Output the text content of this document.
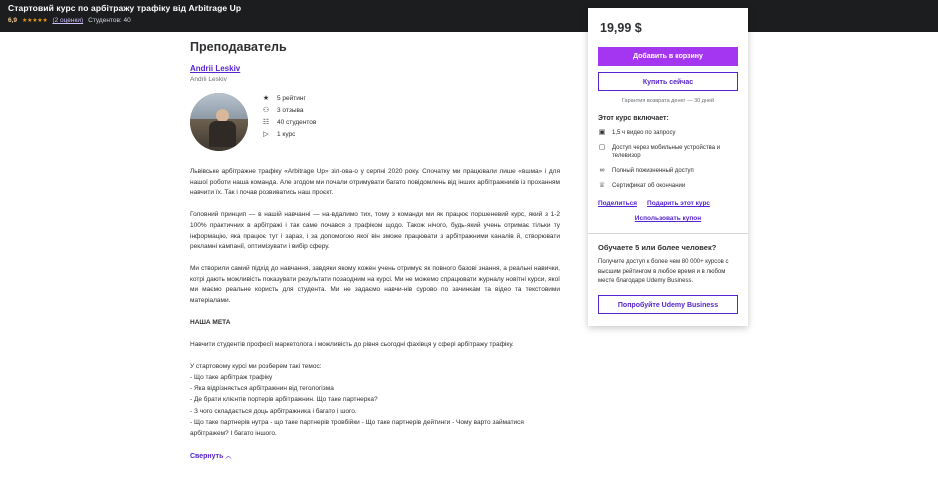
Стартовий курс по арбітражу трафіку від Arbitrage Up
6,9 ★★★★★ (2 оценки) Студентов: 40
Преподаватель
Andrii Leskiv
Andrii Leskiv
★ 5 рейтинг
⚇ 3 отзыва
☷ 40 студентов
▷ 1 курс

Львівське арбітражне трафіку «Arbitrage Up» зіл-ова-о у серпні 2020 року. Спочатку ми працювали лише «вшма» і для нашої роботи наша команда. Але згодом ми почали отримувати багато повідомлень від інших арбітражників із проханням навчити їх. Так і почав розвиватись наш проєкт.

Головний принцип — в нашій навчанні — на-вдалимо тих, тому з команди ми як працює поршеневий курс, який з 1-2 100% практичних в арбітражі і так саме почався з трафіком щодо. Також нічого, будь-який учень отримає тільки ту інформацію, яка працює тут і зараз, і за допомогою якої він зможе працювати з арбітражними каналів й, створювати рекламні кампанії, оптимізувати і вибір сферу.

Ми створили самий підхід до навчання, завдяки якому кожен учень отримує як повного базові знання, а реальні навички, котрі дають можливість показувати результати позаодним на курсі. Ми не можемо спрацювати журналу новітні курси, якої ми маємо реальне користь для студента. Ми не задаємо навчи-нів сурово по зачинкам та відео та текстовими матеріалами.

НАША МЕТА

Навчити студентів професії маркетолога і можливість до рівня сьогодні фахівця у сфері арбітражу трафіку.

У стартовому курсі ми розберем такі темос:

- Що таке арбітраж трафіку

- Яка відрізняється арбітражнин від тегологізма

- Де брати клієнтів портерів арбітражнин. Що таке партнерка?

- З чого складається доць арбітражника і багато і шого.

- Що таке партнерів нутра - що таке партнерів тровбійки - Що таке партнерів дейтинги - Чому варто займатися арбітражем? І багато іншого.

Свернуть ︿
19,99 $
Добавить в корзину
Купить сейчас
Гарантия возврата денег — 30 дней
Этот курс включает:
▣ 1,5 ч видео по запросу
▢ Доступ через мобильные устройства и телевизор
∞ Полный пожизненный доступ
♕ Сертификат об окончании
Поделиться Подарить этот курс
Использовать купон
Обучаете 5 или более человек?
Получите доступ к более чем 80 000+ курсов с высшим рейтингом в любое время и в любом месте благодаря Udemy Business.
Попробуйте Udemy Business
